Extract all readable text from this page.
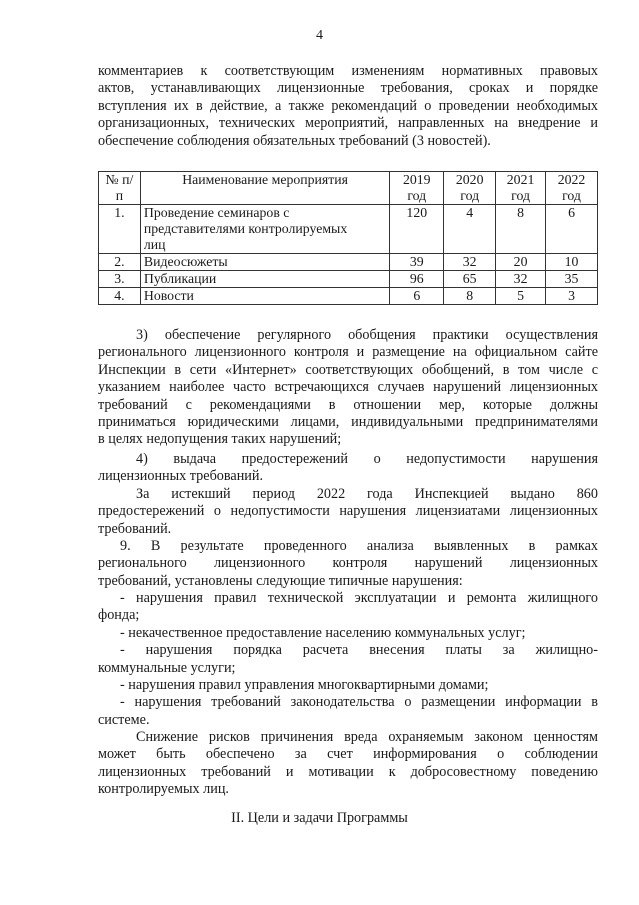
4
комментариев к соответствующим изменениям нормативных правовых
актов, устанавливающих лицензионные требования, сроках и порядке
вступления их в действие, а также рекомендаций о проведении необходимых
организационных, технических мероприятий, направленных на внедрение и
обеспечение соблюдения обязательных требований (3 новостей).
№ п/п	Наименование мероприятия	2019 год	2020 год	2021 год	2022 год
1.	Проведение семинаров с представителями контролируемых лиц	120	4	8	6
2.	Видеосюжеты	39	32	20	10
3.	Публикации	96	65	32	35
4.	Новости	6	8	5	3
3) обеспечение регулярного обобщения практики осуществления
регионального лицензионного контроля и размещение на официальном сайте
Инспекции в сети «Интернет» соответствующих обобщений, в том числе с
указанием наиболее часто встречающихся случаев нарушений лицензионных
требований с рекомендациями в отношении мер, которые должны
приниматься юридическими лицами, индивидуальными предпринимателями
в целях недопущения таких нарушений;
4) выдача предостережений о недопустимости нарушения
лицензионных требований.
За истекший период 2022 года Инспекцией выдано 860
предостережений о недопустимости нарушения лицензиатами лицензионных
требований.
9. В результате проведенного анализа выявленных в рамках
регионального лицензионного контроля нарушений лицензионных
требований, установлены следующие типичные нарушения:
- нарушения правил технической эксплуатации и ремонта жилищного
фонда;
- некачественное предоставление населению коммунальных услуг;
- нарушения порядка расчета внесения платы за жилищно-
коммунальные услуги;
- нарушения правил управления многоквартирными домами;
- нарушения требований законодательства о размещении информации в
системе.
Снижение рисков причинения вреда охраняемым законом ценностям
может быть обеспечено за счет информирования о соблюдении
лицензионных требований и мотивации к добросовестному поведению
контролируемых лиц.
II. Цели и задачи Программы
